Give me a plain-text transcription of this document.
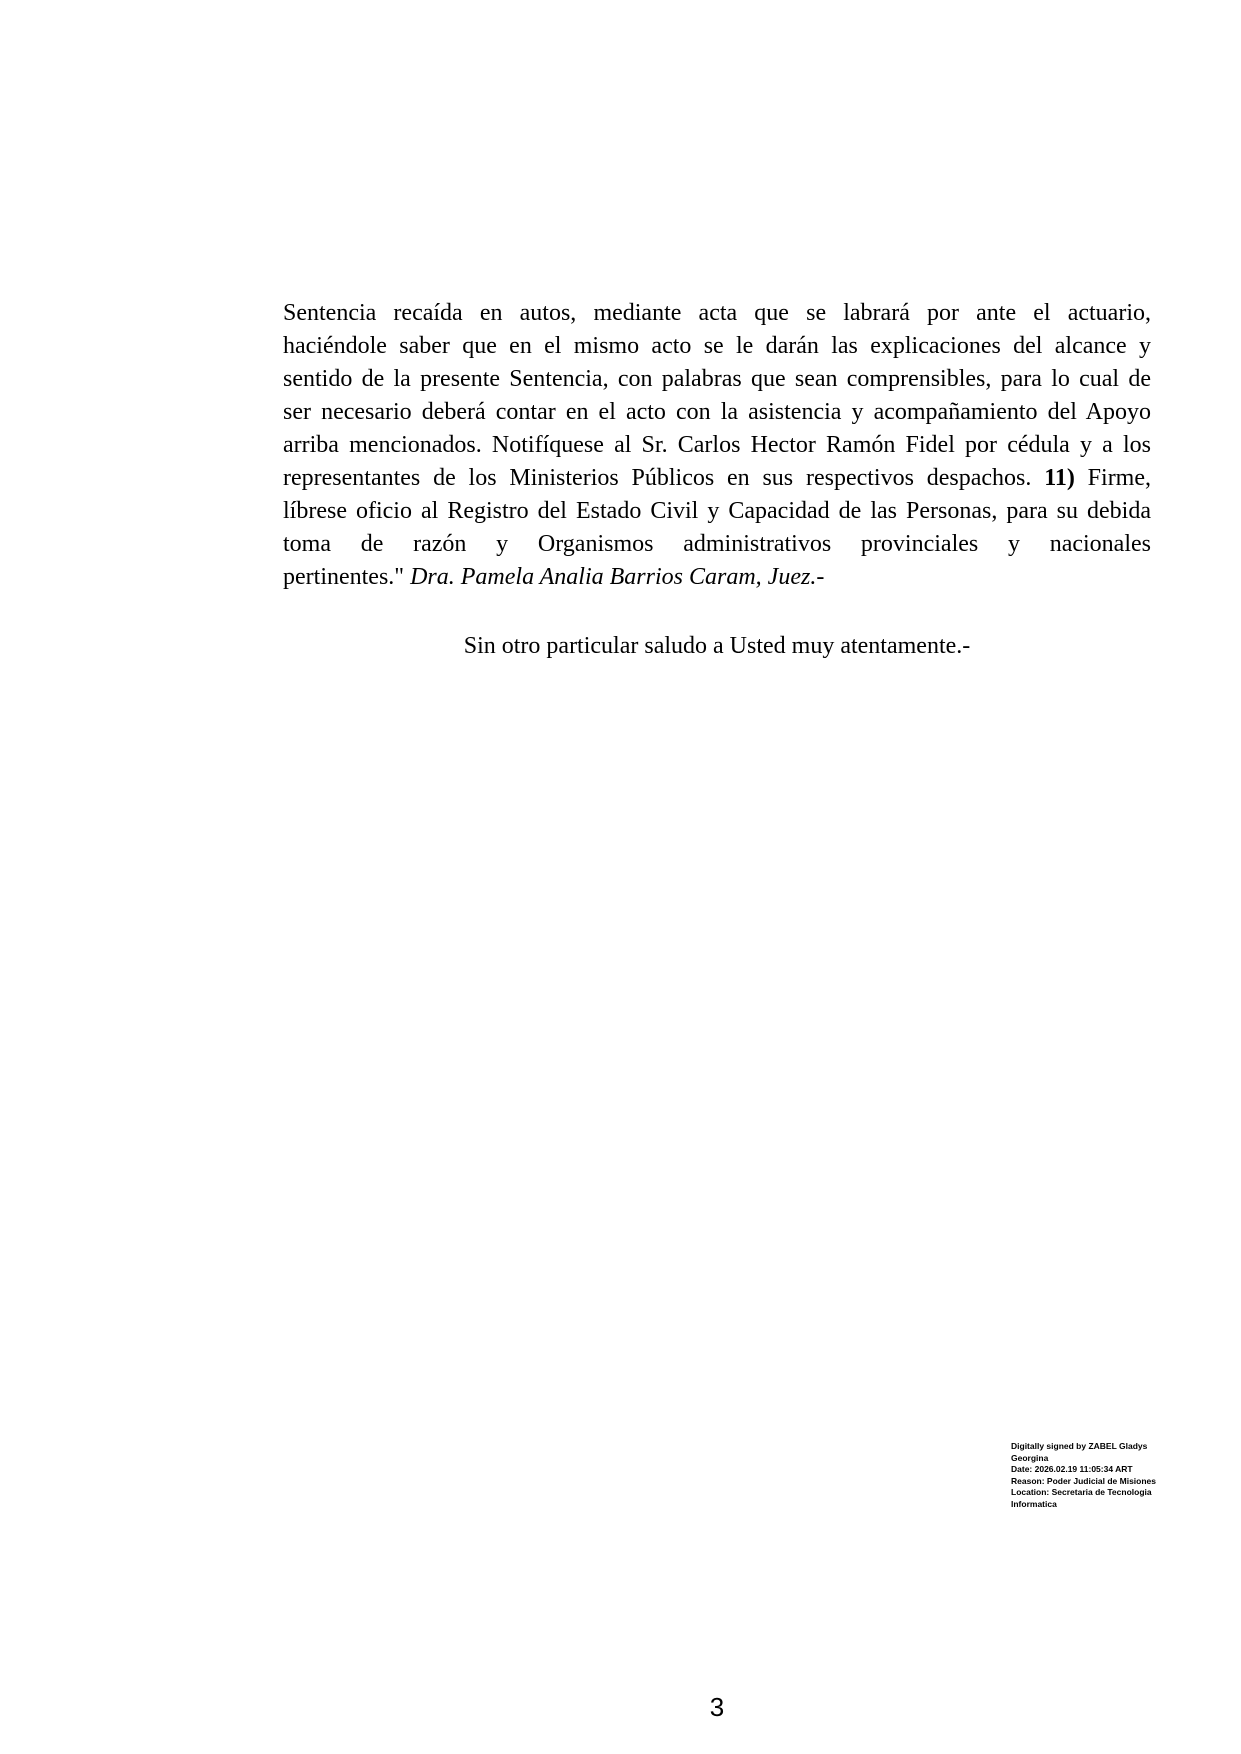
Sentencia recaída en autos, mediante acta que se labrará por ante el actuario,
haciéndole saber que en el mismo acto se le darán las explicaciones del alcance y
sentido de la presente Sentencia, con palabras que sean comprensibles, para lo cual de
ser necesario deberá contar en el acto con la asistencia y acompañamiento del Apoyo
arriba mencionados. Notifíquese al Sr. Carlos Hector Ramón Fidel por cédula y a los
representantes de los Ministerios Públicos en sus respectivos despachos. 11) Firme,
líbrese oficio al Registro del Estado Civil y Capacidad de las Personas, para su debida
toma de razón y Organismos administrativos provinciales y nacionales
pertinentes." Dra. Pamela Analia Barrios Caram, Juez.-
Sin otro particular saludo a Usted muy atentamente.-
Digitally signed by ZABEL Gladys Georgina
Date: 2026.02.19 11:05:34 ART
Reason: Poder Judicial de Misiones
Location: Secretaria de Tecnologia
Informatica
3
